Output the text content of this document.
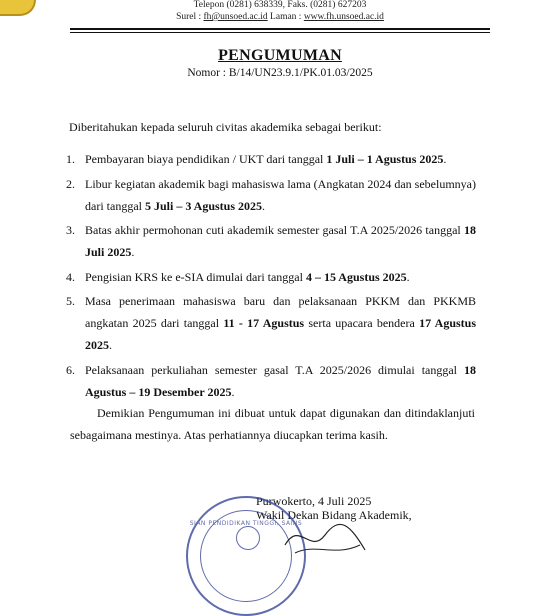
Telepon (0281) 638339, Faks. (0281) 627203
Surel : fh@unsoed.ac.id Laman : www.fh.unsoed.ac.id
PENGUMUMAN
Nomor : B/14/UN23.9.1/PK.01.03/2025
Diberitahukan kepada seluruh civitas akademika sebagai berikut:
1. Pembayaran biaya pendidikan / UKT dari tanggal 1 Juli – 1 Agustus 2025.
2. Libur kegiatan akademik bagi mahasiswa lama (Angkatan 2024 dan sebelumnya) dari tanggal 5 Juli – 3 Agustus 2025.
3. Batas akhir permohonan cuti akademik semester gasal T.A 2025/2026 tanggal 18 Juli 2025.
4. Pengisian KRS ke e-SIA dimulai dari tanggal 4 – 15 Agustus 2025.
5. Masa penerimaan mahasiswa baru dan pelaksanaan PKKM dan PKKMB angkatan 2025 dari tanggal 11 - 17 Agustus serta upacara bendera 17 Agustus 2025.
6. Pelaksanaan perkuliahan semester gasal T.A 2025/2026 dimulai tanggal 18 Agustus – 19 Desember 2025.
Demikian Pengumuman ini dibuat untuk dapat digunakan dan ditindaklanjuti sebagaimana mestinya. Atas perhatiannya diucapkan terima kasih.
Purwokerto, 4 Juli 2025
Wakil Dekan Bidang Akademik,
SIAN PENDIDIKAN TINGGI, SAINS
